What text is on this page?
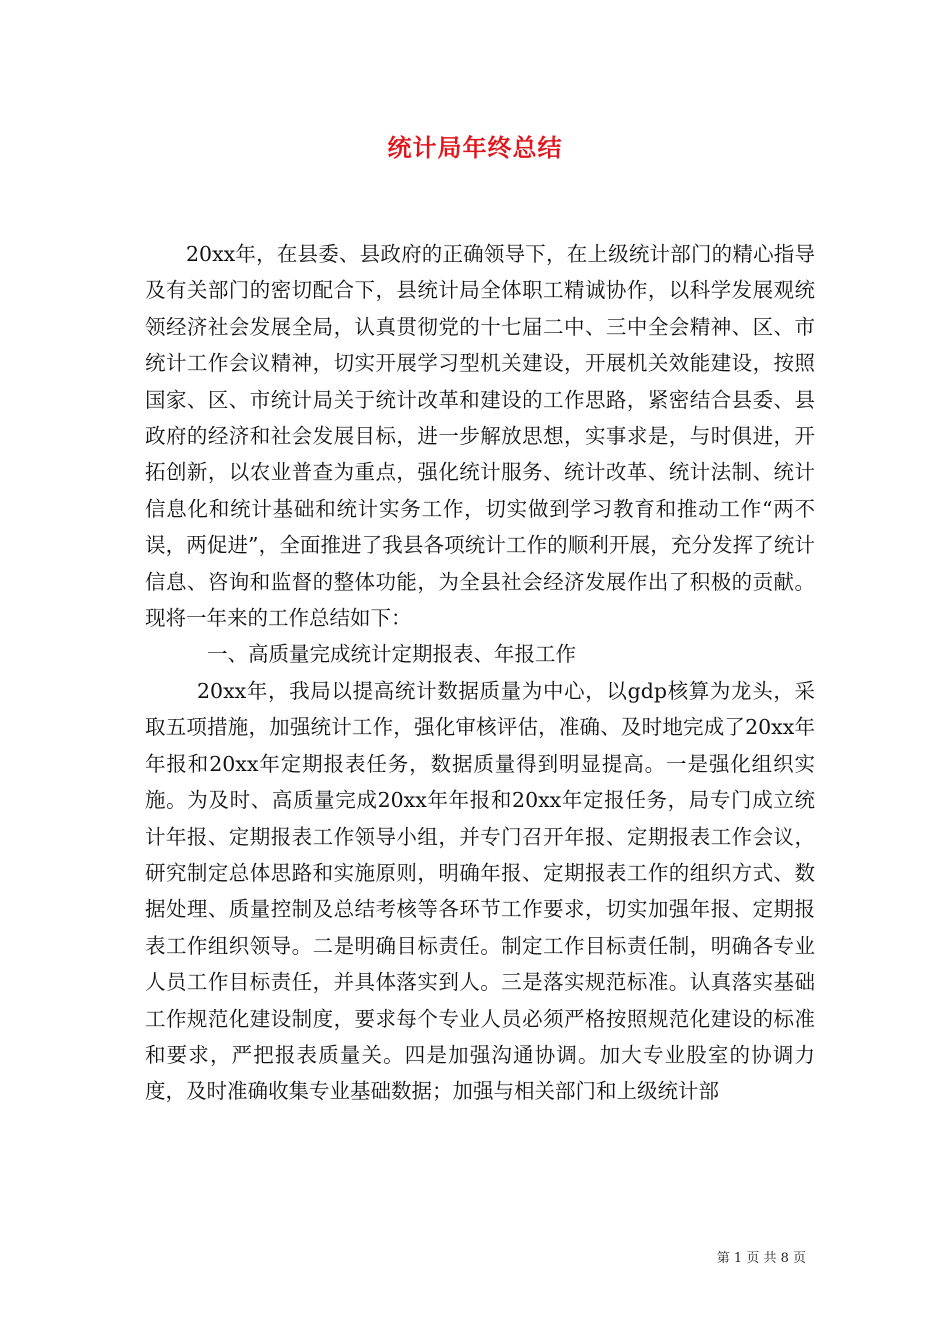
统计局年终总结

20xx年，在县委、县政府的正确领导下，在上级统计部门的精心指导及有关部门的密切配合下，县统计局全体职工精诚协作，以科学发展观统领经济社会发展全局，认真贯彻党的十七届二中、三中全会精神、区、市统计工作会议精神，切实开展学习型机关建设，开展机关效能建设，按照国家、区、市统计局关于统计改革和建设的工作思路，紧密结合县委、县政府的经济和社会发展目标，进一步解放思想，实事求是，与时俱进，开拓创新，以农业普查为重点，强化统计服务、统计改革、统计法制、统计信息化和统计基础和统计实务工作，切实做到学习教育和推动工作“两不误，两促进”，全面推进了我县各项统计工作的顺利开展，充分发挥了统计信息、咨询和监督的整体功能，为全县社会经济发展作出了积极的贡献。现将一年来的工作总结如下：

一、高质量完成统计定期报表、年报工作

20xx年，我局以提高统计数据质量为中心，以gdp核算为龙头，采取五项措施，加强统计工作，强化审核评估，准确、及时地完成了20xx年年报和20xx年定期报表任务，数据质量得到明显提高。一是强化组织实施。为及时、高质量完成20xx年年报和20xx年定报任务，局专门成立统计年报、定期报表工作领导小组，并专门召开年报、定期报表工作会议，研究制定总体思路和实施原则，明确年报、定期报表工作的组织方式、数据处理、质量控制及总结考核等各环节工作要求，切实加强年报、定期报表工作组织领导。二是明确目标责任。制定工作目标责任制，明确各专业人员工作目标责任，并具体落实到人。三是落实规范标准。认真落实基础工作规范化建设制度，要求每个专业人员必须严格按照规范化建设的标准和要求，严把报表质量关。四是加强沟通协调。加大专业股室的协调力度，及时准确收集专业基础数据；加强与相关部门和上级统计部

第 1 页 共 8 页
